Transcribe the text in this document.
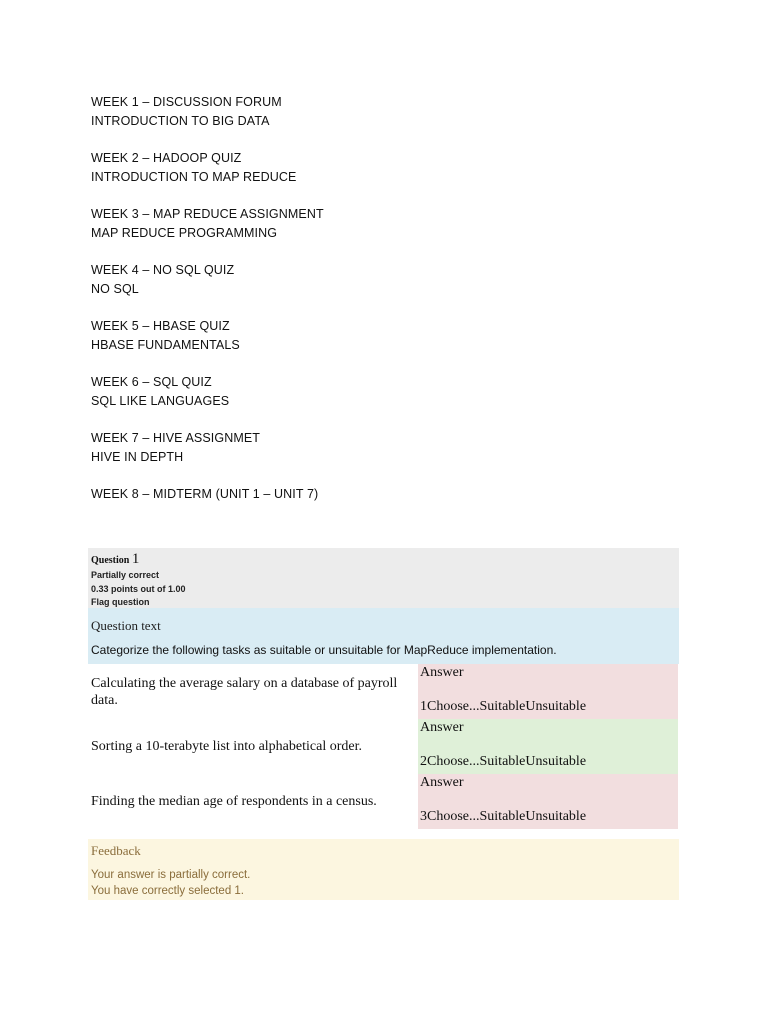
WEEK 1 – DISCUSSION FORUM
INTRODUCTION TO BIG DATA
WEEK 2 – HADOOP QUIZ
INTRODUCTION TO MAP REDUCE
WEEK 3 – MAP REDUCE ASSIGNMENT
MAP REDUCE PROGRAMMING
WEEK 4 – NO SQL QUIZ
NO SQL
WEEK 5 – HBASE QUIZ
HBASE FUNDAMENTALS
WEEK 6 – SQL QUIZ
SQL LIKE LANGUAGES
WEEK 7 – HIVE ASSIGNMET
HIVE IN DEPTH
WEEK 8 – MIDTERM (UNIT 1 – UNIT 7)
Question 1
Partially correct
0.33 points out of 1.00
Flag question
Question text
Categorize the following tasks as suitable or unsuitable for MapReduce implementation.
Calculating the average salary on a database of payroll data.
Answer
1Choose...SuitableUnsuitable
Sorting a 10-terabyte list into alphabetical order.
Answer
2Choose...SuitableUnsuitable
Finding the median age of respondents in a census.
Answer
3Choose...SuitableUnsuitable
Feedback
Your answer is partially correct.
You have correctly selected 1.
